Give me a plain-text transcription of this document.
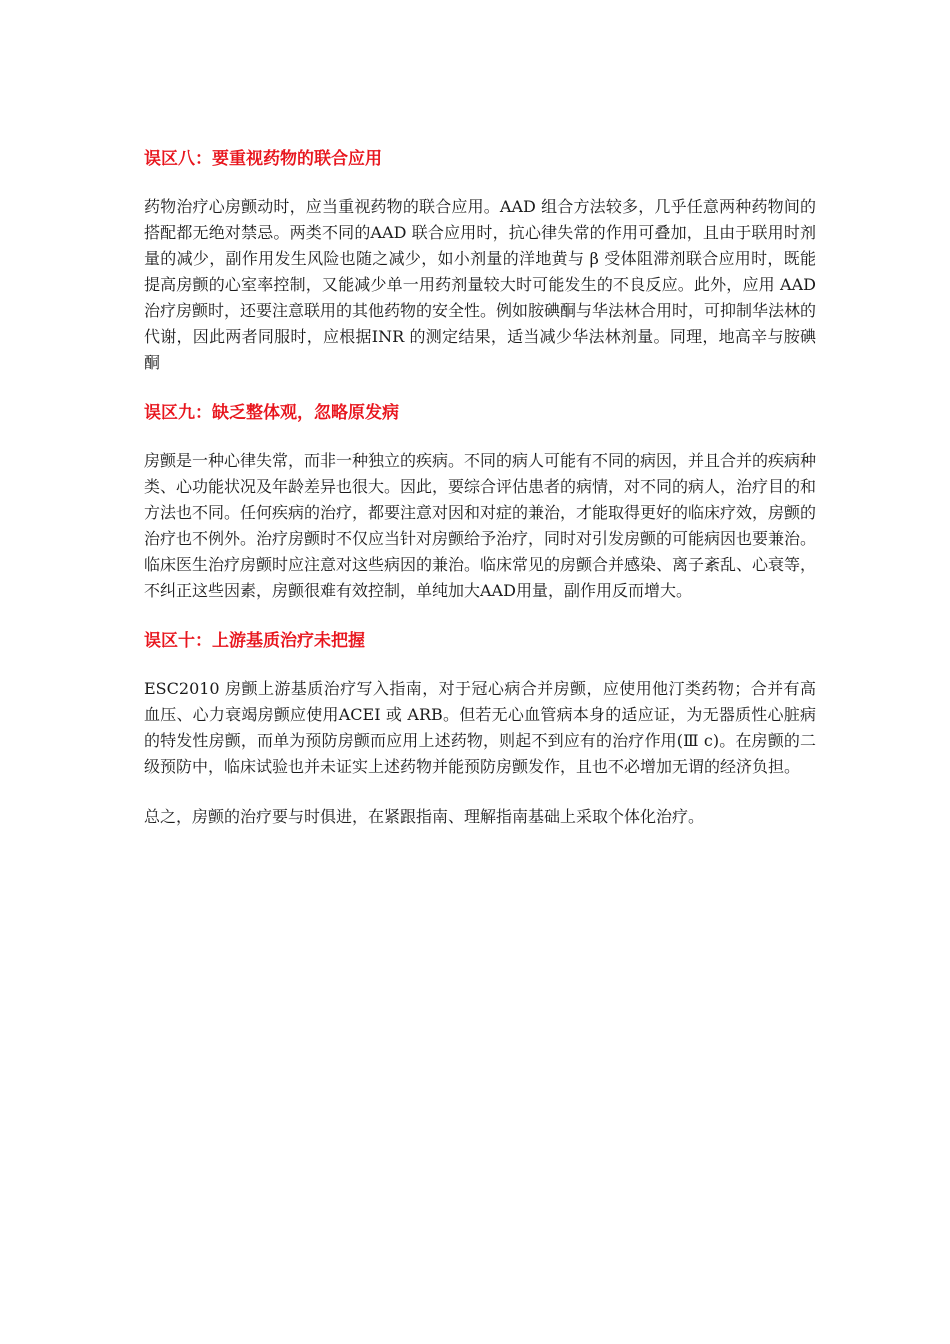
误区八：要重视药物的联合应用

药物治疗心房颤动时，应当重视药物的联合应用。AAD 组合方法较多，几乎任意两种药物间的搭配都无绝对禁忌。两类不同的AAD 联合应用时，抗心律失常的作用可叠加，且由于联用时剂量的减少，副作用发生风险也随之减少，如小剂量的洋地黄与 β 受体阻滞剂联合应用时，既能提高房颤的心室率控制，又能减少单一用药剂量较大时可能发生的不良反应。此外，应用 AAD 治疗房颤时，还要注意联用的其他药物的安全性。例如胺碘酮与华法林合用时，可抑制华法林的代谢，因此两者同服时，应根据INR 的测定结果，适当减少华法林剂量。同理，地高辛与胺碘酮

误区九：缺乏整体观，忽略原发病

房颤是一种心律失常，而非一种独立的疾病。不同的病人可能有不同的病因，并且合并的疾病种类、心功能状况及年龄差异也很大。因此，要综合评估患者的病情，对不同的病人，治疗目的和方法也不同。任何疾病的治疗，都要注意对因和对症的兼治，才能取得更好的临床疗效，房颤的治疗也不例外。治疗房颤时不仅应当针对房颤给予治疗，同时对引发房颤的可能病因也要兼治。临床医生治疗房颤时应注意对这些病因的兼治。临床常见的房颤合并感染、离子紊乱、心衰等，不纠正这些因素，房颤很难有效控制，单纯加大AAD用量，副作用反而增大。

误区十：上游基质治疗未把握

ESC2010 房颤上游基质治疗写入指南，对于冠心病合并房颤，应使用他汀类药物；合并有高血压、心力衰竭房颤应使用ACEI 或 ARB。但若无心血管病本身的适应证，为无器质性心脏病的特发性房颤，而单为预防房颤而应用上述药物，则起不到应有的治疗作用(Ⅲ c)。在房颤的二级预防中，临床试验也并未证实上述药物并能预防房颤发作，且也不必增加无谓的经济负担。

总之，房颤的治疗要与时俱进，在紧跟指南、理解指南基础上采取个体化治疗。
